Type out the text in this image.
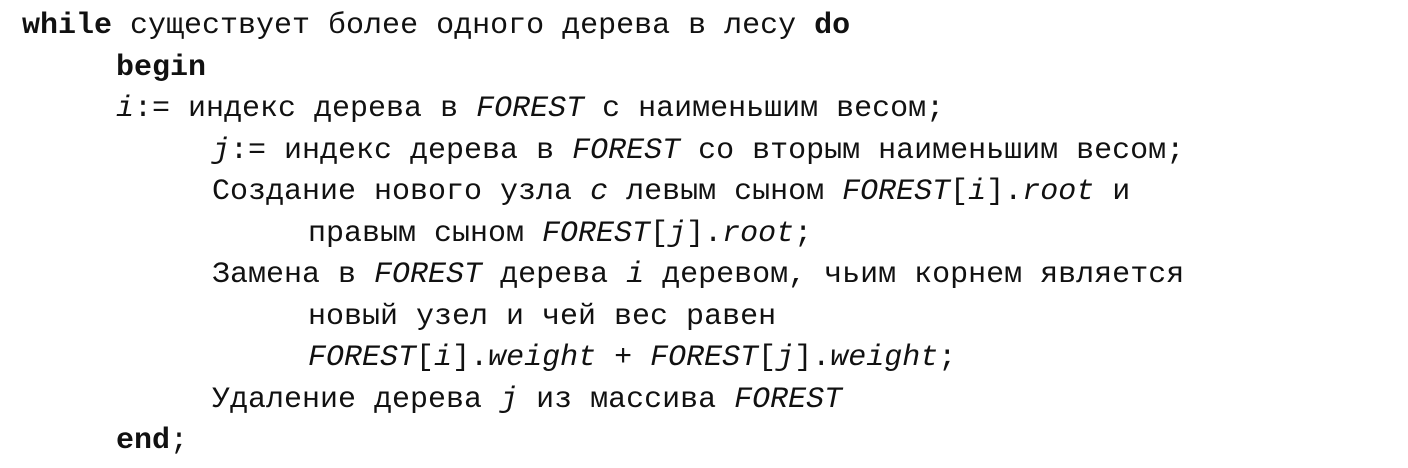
while существует более одного дерева в лесу do
begin
i:= индекс дерева в FOREST с наименьшим весом;
j:= индекс дерева в FOREST со вторым наименьшим весом;
Создание нового узла c левым сыном FOREST[i].root и
правым сыном FOREST[j].root;
Замена в FOREST дерева i деревом, чьим корнем является
новый узел и чей вес равен
FOREST[i].weight + FOREST[j].weight;
Удаление дерева j из массива FOREST
end;
